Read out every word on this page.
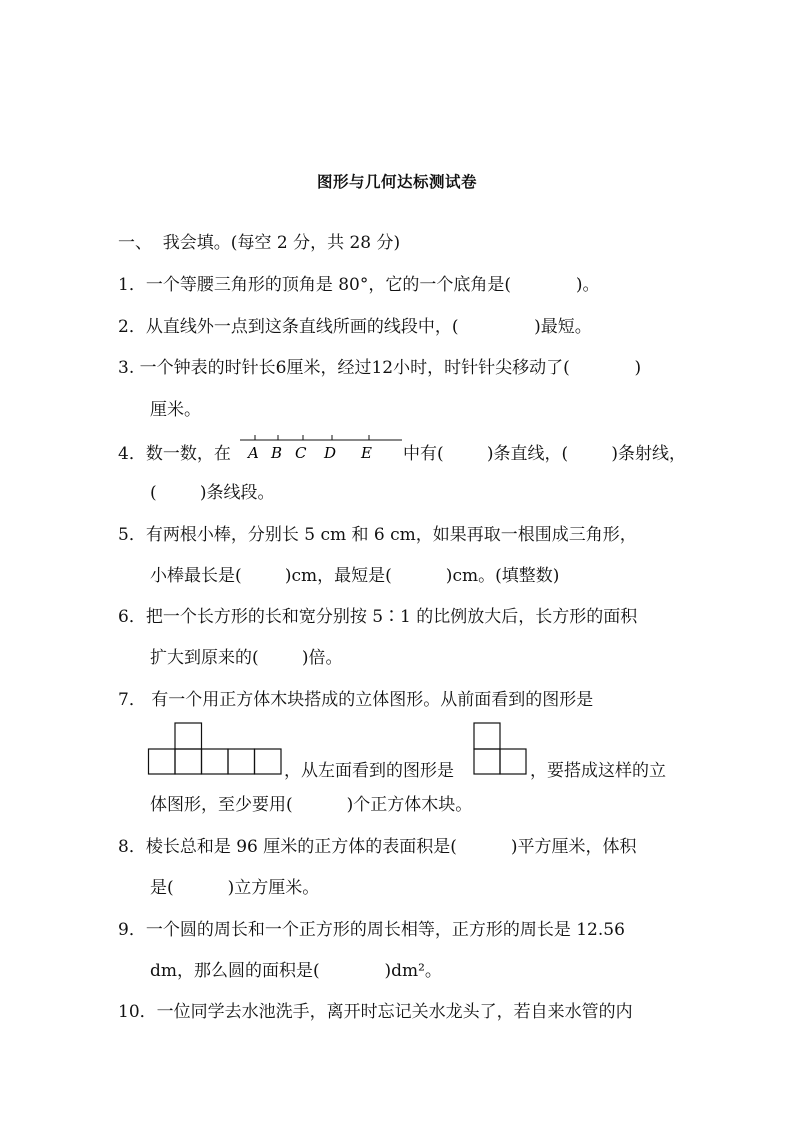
图形与几何达标测试卷
一、  我会填。(每空 2 分，共 28 分)
1．一个等腰三角形的顶角是 80°，它的一个底角是(            )。
2．从直线外一点到这条直线所画的线段中，(              )最短。
3. 一个钟表的时针长6厘米，经过12小时，时针针尖移动了(            )
厘米。
4．数一数，在 A B C D E 中有(        )条直线，(        )条射线，
(        )条线段。
5．有两根小棒，分别长 5 cm 和 6 cm，如果再取一根围成三角形，
小棒最长是(        )cm，最短是(          )cm。(填整数)
6．把一个长方形的长和宽分别按 5∶1 的比例放大后，长方形的面积
扩大到原来的(        )倍。
7． 有一个用正方体木块搭成的立体图形。从前面看到的图形是
，从左面看到的图形是	，要搭成这样的立
体图形，至少要用(          )个正方体木块。
8．棱长总和是 96 厘米的正方体的表面积是(          )平方厘米，体积
是(          )立方厘米。
9．一个圆的周长和一个正方形的周长相等，正方形的周长是 12.56
dm，那么圆的面积是(            )dm²。
10．一位同学去水池洗手，离开时忘记关水龙头了，若自来水管的内
